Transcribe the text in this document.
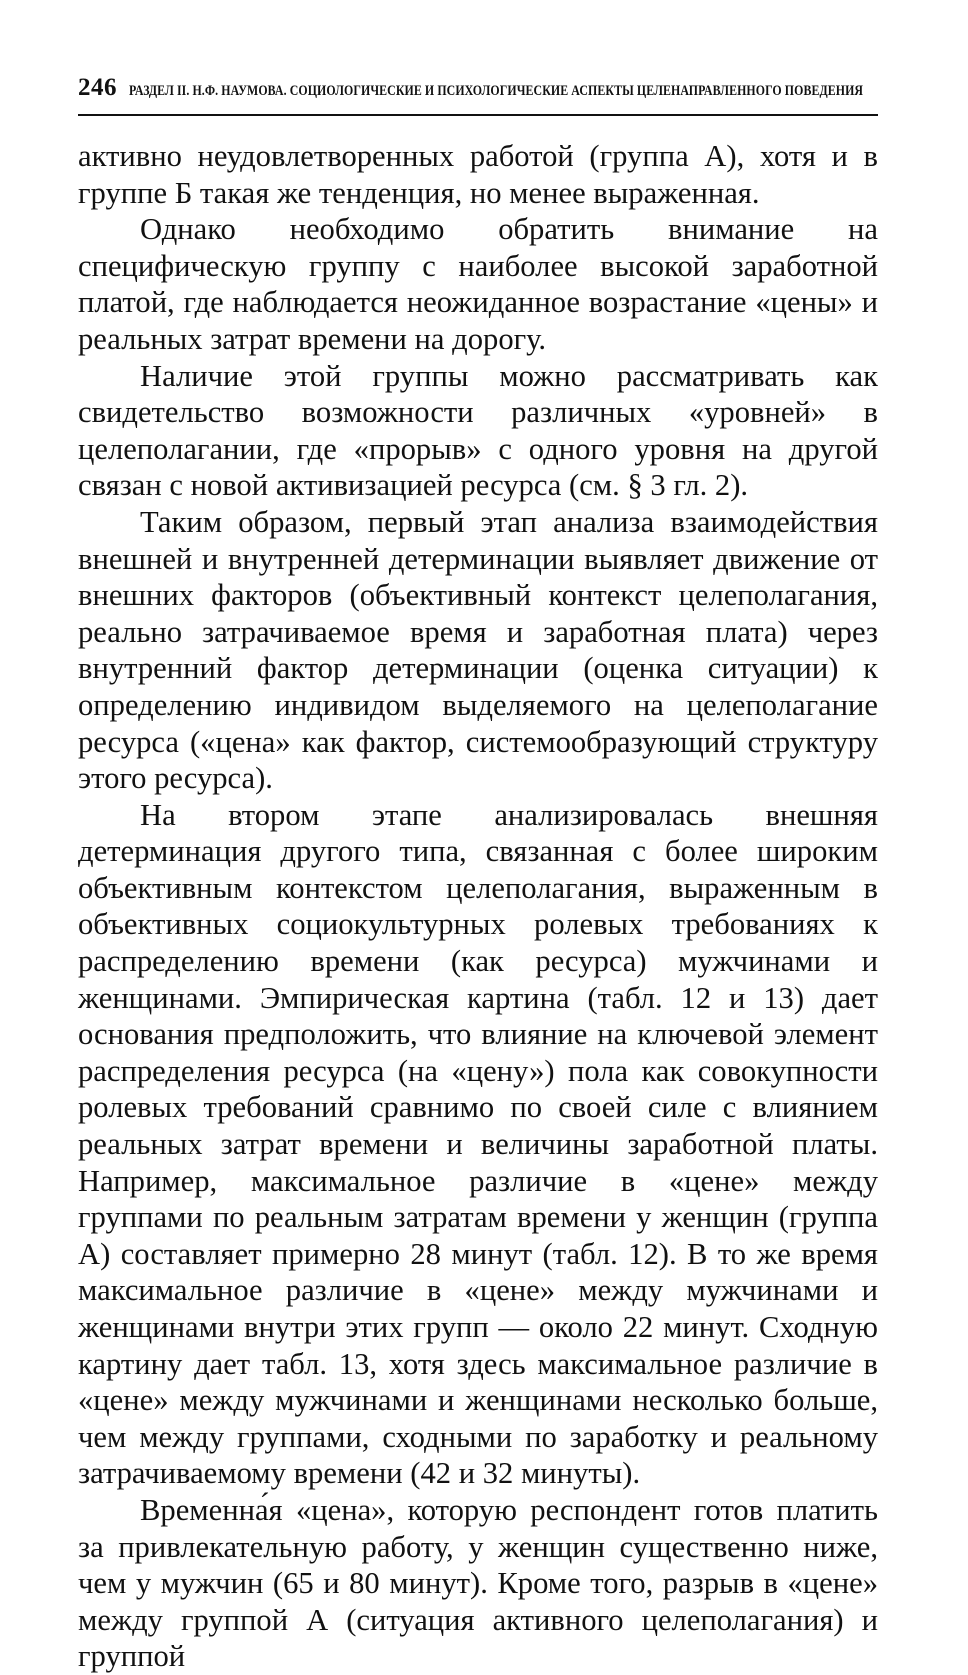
246 РАЗДЕЛ II. Н.Ф. НАУМОВА. СОЦИОЛОГИЧЕСКИЕ И ПСИХОЛОГИЧЕСКИЕ АСПЕКТЫ ЦЕЛЕНАПРАВЛЕННОГО ПОВЕДЕНИЯ

активно неудовлетворенных работой (группа А), хотя и в группе Б такая же тенденция, но менее выраженная.

Однако необходимо обратить внимание на специфическую группу с наиболее высокой заработной платой, где наблюдается неожиданное возрастание «цены» и реальных затрат времени на дорогу.

Наличие этой группы можно рассматривать как свидетельство возможности различных «уровней» в целеполагании, где «прорыв» с одного уровня на другой связан с новой активизацией ресурса (см. § 3 гл. 2).

Таким образом, первый этап анализа взаимодействия внешней и внутренней детерминации выявляет движение от внешних факторов (объективный контекст целеполагания, реально затрачиваемое время и заработная плата) через внутренний фактор детерминации (оценка ситуации) к определению индивидом выделяемого на целеполагание ресурса («цена» как фактор, системообразующий структуру этого ресурса).

На втором этапе анализировалась внешняя детерминация другого типа, связанная с более широким объективным контекстом целеполагания, выраженным в объективных социокультурных ролевых требованиях к распределению времени (как ресурса) мужчинами и женщинами. Эмпирическая картина (табл. 12 и 13) дает основания предположить, что влияние на ключевой элемент распределения ресурса (на «цену») пола как совокупности ролевых требований сравнимо по своей силе с влиянием реальных затрат времени и величины заработной платы. Например, максимальное различие в «цене» между группами по реальным затратам времени у женщин (группа А) составляет примерно 28 минут (табл. 12). В то же время максимальное различие в «цене» между мужчинами и женщинами внутри этих групп — около 22 минут. Сходную картину дает табл. 13, хотя здесь максимальное различие в «цене» между мужчинами и женщинами несколько больше, чем между группами, сходными по заработку и реальному затрачиваемому времени (42 и 32 минуты).

Временна́я «цена», которую респондент готов платить за привлекательную работу, у женщин существенно ниже, чем у мужчин (65 и 80 минут). Кроме того, разрыв в «цене» между группой А (ситуация активного целеполагания) и группой
